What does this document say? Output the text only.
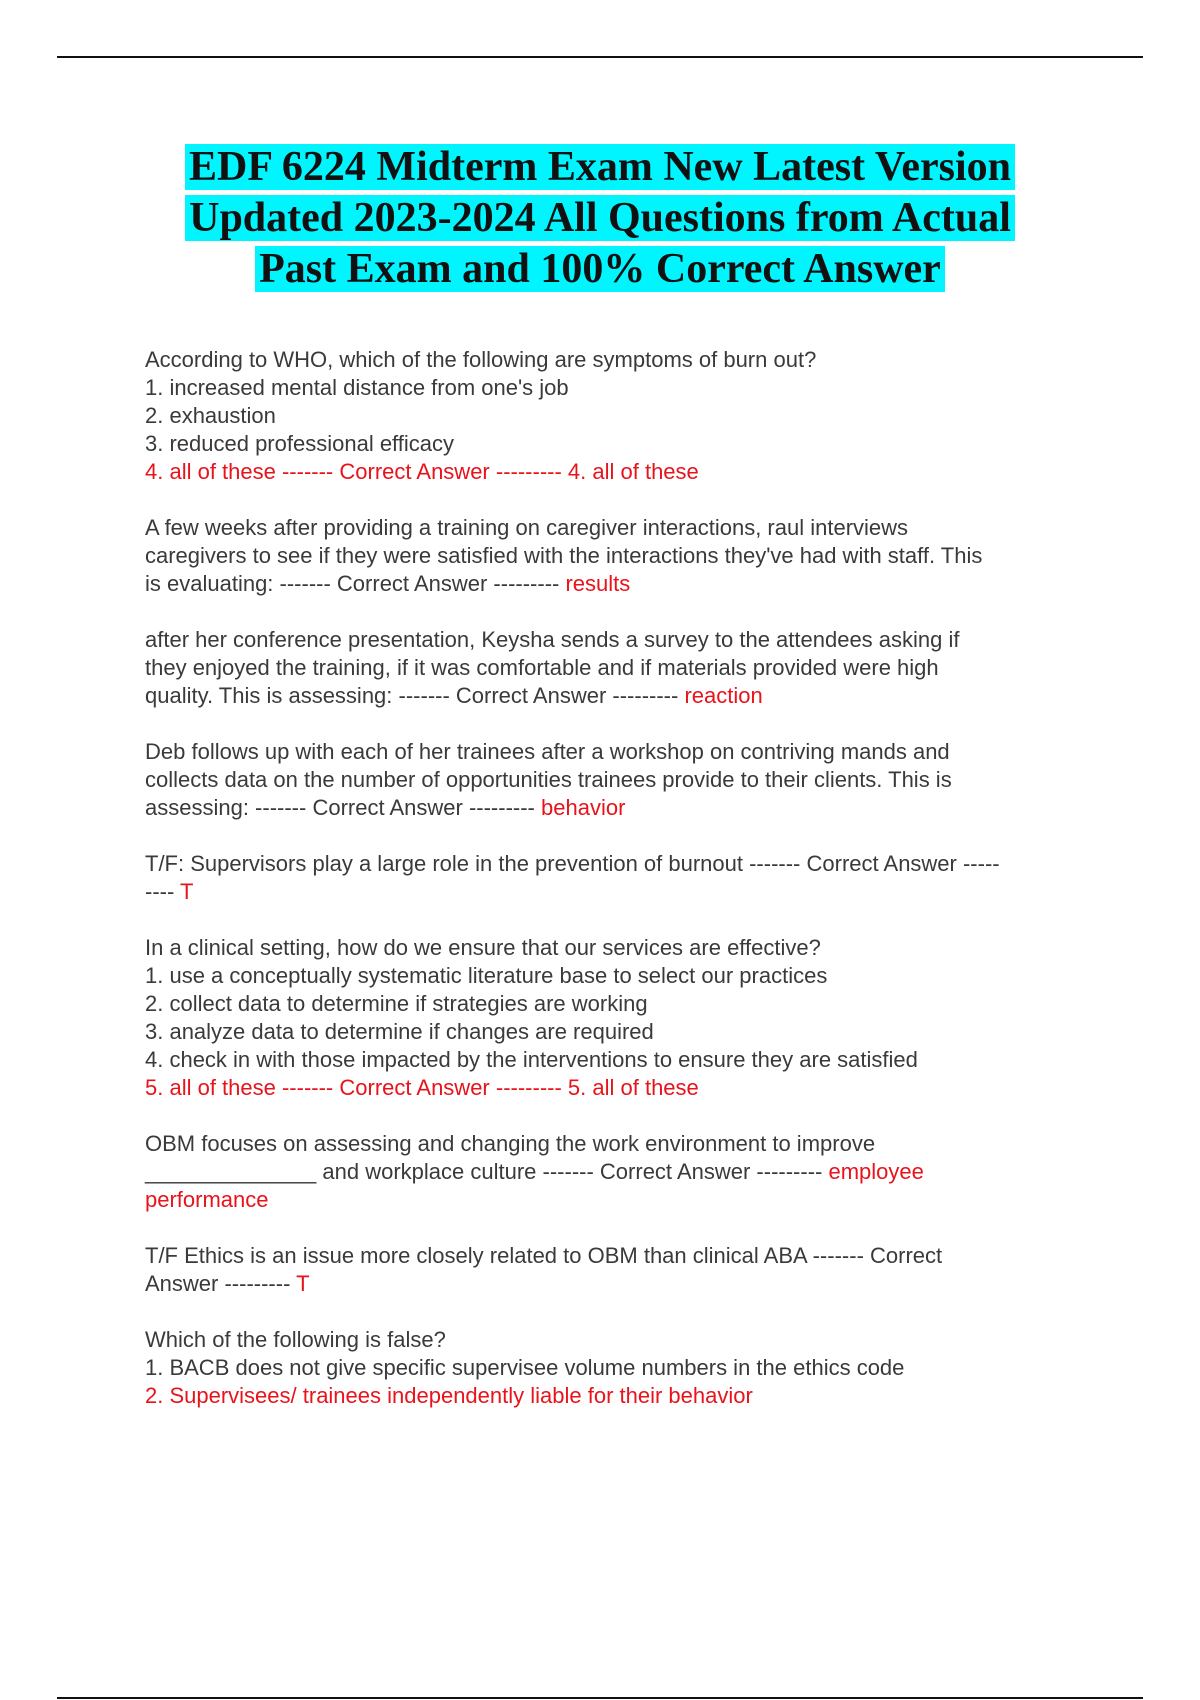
EDF 6224 Midterm Exam New Latest Version
Updated 2023-2024 All Questions from Actual
Past Exam and 100% Correct Answer
According to WHO, which of the following are symptoms of burn out?
1. increased mental distance from one's job
2. exhaustion
3. reduced professional efficacy
4. all of these ------- Correct Answer --------- 4. all of these
A few weeks after providing a training on caregiver interactions, raul interviews
caregivers to see if they were satisfied with the interactions they've had with staff. This
is evaluating: ------- Correct Answer --------- results
after her conference presentation, Keysha sends a survey to the attendees asking if
they enjoyed the training, if it was comfortable and if materials provided were high
quality. This is assessing: ------- Correct Answer --------- reaction
Deb follows up with each of her trainees after a workshop on contriving mands and
collects data on the number of opportunities trainees provide to their clients. This is
assessing: ------- Correct Answer --------- behavior
T/F: Supervisors play a large role in the prevention of burnout ------- Correct Answer -----
---- T
In a clinical setting, how do we ensure that our services are effective?
1. use a conceptually systematic literature base to select our practices
2. collect data to determine if strategies are working
3. analyze data to determine if changes are required
4. check in with those impacted by the interventions to ensure they are satisfied
5. all of these ------- Correct Answer --------- 5. all of these
OBM focuses on assessing and changing the work environment to improve
______________ and workplace culture ------- Correct Answer --------- employee
performance
T/F Ethics is an issue more closely related to OBM than clinical ABA ------- Correct
Answer --------- T
Which of the following is false?
1. BACB does not give specific supervisee volume numbers in the ethics code
2. Supervisees/ trainees independently liable for their behavior
